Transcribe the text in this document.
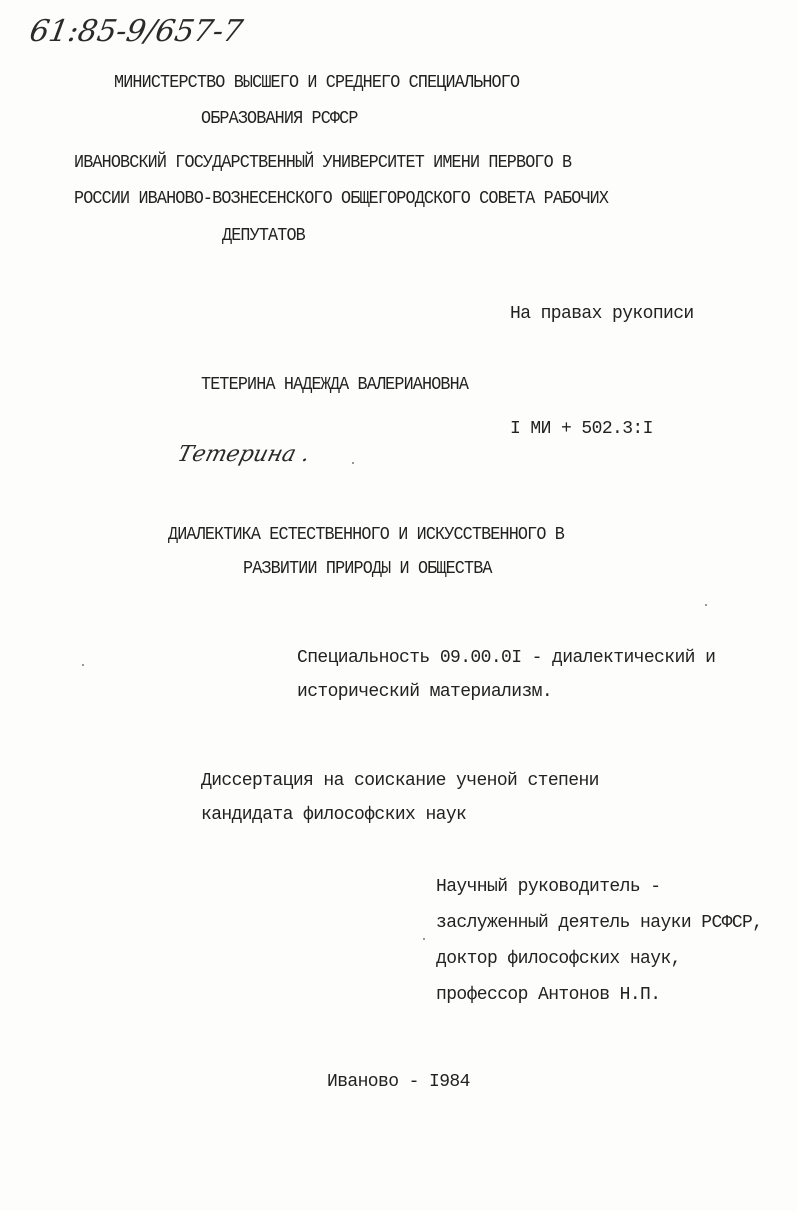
61:85-9/657-7
МИНИСТЕРСТВО ВЫСШЕГО И СРЕДНЕГО СПЕЦИАЛЬНОГО
ОБРАЗОВАНИЯ РСФСР
ИВАНОВСКИЙ ГОСУДАРСТВЕННЫЙ УНИВЕРСИТЕТ ИМЕНИ ПЕРВОГО В
РОССИИ ИВАНОВО-ВОЗНЕСЕНСКОГО ОБЩЕГОРОДСКОГО СОВЕТА РАБОЧИХ
ДЕПУТАТОВ
На правах рукописи
ТЕТЕРИНА НАДЕЖДА ВАЛЕРИАНОВНА
I МИ + 502.3:I
Тетерина .
ДИАЛЕКТИКА ЕСТЕСТВЕННОГО И ИСКУССТВЕННОГО В
РАЗВИТИИ ПРИРОДЫ И ОБЩЕСТВА
Специальность 09.00.0I - диалектический и
исторический материализм.
Диссертация на соискание ученой степени
кандидата философских наук
Научный руководитель -
заслуженный деятель науки РСФСР,
доктор философских наук,
профессор Антонов Н.П.
Иваново - I984
